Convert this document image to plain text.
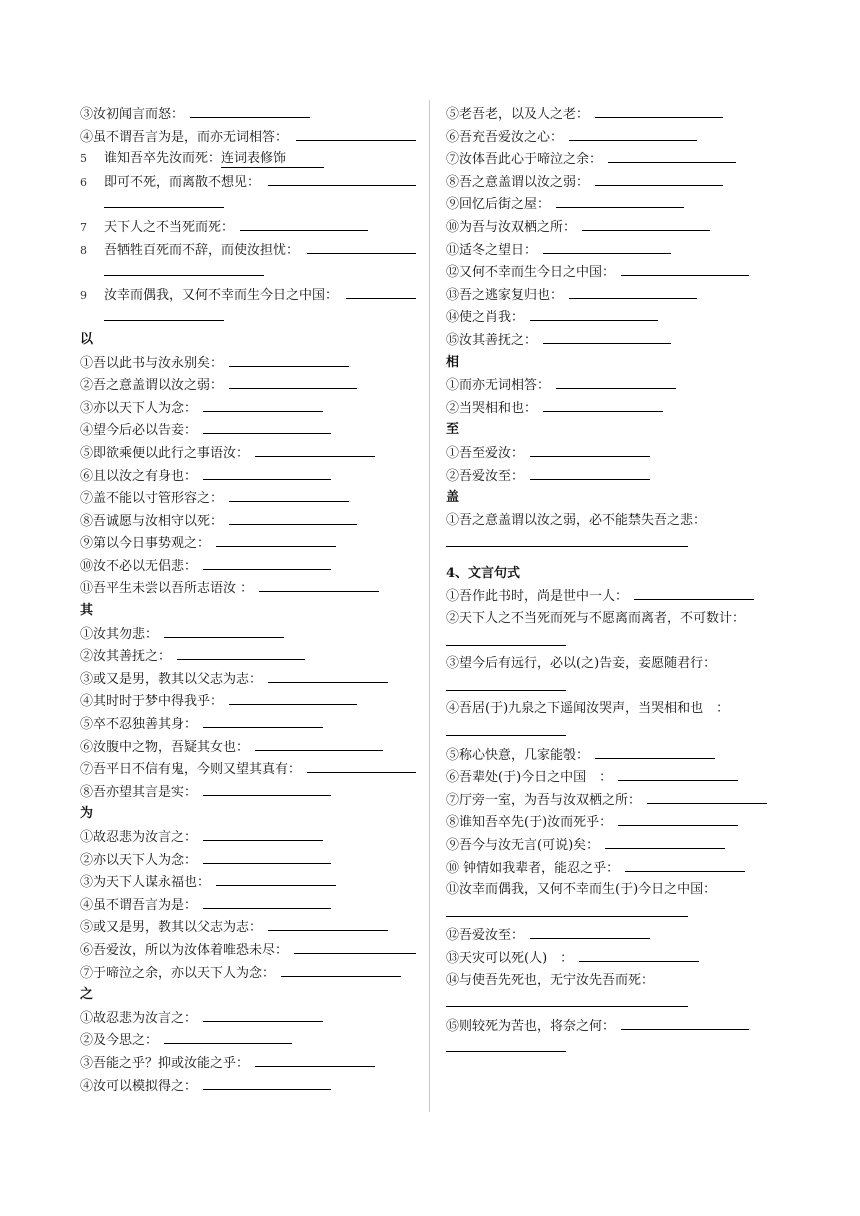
③汝初闻言而怒：
④虽不谓吾言为是，而亦无词相答：
5	谁知吾卒先汝而死： 连词表修饰
6	即可不死，而离散不想见：
7	天下人之不当死而死：
8	吾牺牲百死而不辞，而使汝担忧：
9	汝幸而偶我，又何不幸而生今日之中国：
以
①吾以此书与汝永别矣：
②吾之意盖谓以汝之弱：
③亦以天下人为念：
④望今后必以告妾：
⑤即欲乘便以此行之事语汝：
⑥且以汝之有身也：
⑦盖不能以寸管形容之：
⑧吾诚愿与汝相守以死：
⑨第以今日事势观之：
⑩汝不必以无侣悲：
⑪吾平生未尝以吾所志语汝 ：
其
①汝其勿悲：
②汝其善抚之：
③或又是男，教其以父志为志：
④其时时于梦中得我乎：
⑤卒不忍独善其身：
⑥汝腹中之物，吾疑其女也：
⑦吾平日不信有鬼，今则又望其真有：
⑧吾亦望其言是实：
为
①故忍悲为汝言之：
②亦以天下人为念：
③为天下人谋永福也：
④虽不谓吾言为是：
⑤或又是男，教其以父志为志：
⑥吾爱汝，所以为汝体着唯恐未尽：
⑦于啼泣之余，亦以天下人为念：
之
①故忍悲为汝言之：
②及今思之：
③吾能之乎？抑或汝能之乎：
④汝可以模拟得之：
⑤老吾老，以及人之老：
⑥吾充吾爱汝之心：
⑦汝体吾此心于啼泣之余：
⑧吾之意盖谓以汝之弱：
⑨回忆后街之屋：
⑩为吾与汝双栖之所：
⑪适冬之望日：
⑫又何不幸而生今日之中国：
⑬吾之逃家复归也：
⑭使之肖我：
⑮汝其善抚之：
相
①而亦无词相答：
②当哭相和也：
至
①吾至爱汝：
②吾爱汝至：
盖
①吾之意盖谓以汝之弱，必不能禁失吾之悲：
4、文言句式
①吾作此书时，尚是世中一人：
②天下人之不当死而死与不愿离而离者，不可数计：
③望今后有远行，必以(之)告妾，妾愿随君行：
④吾居(于)九泉之下遥闻汝哭声，当哭相和也　：
⑤称心快意，几家能彀：
⑥吾辈处(于)今日之中国　：
⑦厅旁一室，为吾与汝双栖之所：
⑧谁知吾卒先(于)汝而死乎：
⑨吾今与汝无言(可说)矣：
⑩ 钟情如我辈者，能忍之乎：
⑪汝幸而偶我，又何不幸而生(于)今日之中国：
⑫吾爱汝至：
⑬天灾可以死(人)　：
⑭与使吾先死也，无宁汝先吾而死：
⑮则较死为苦也，将奈之何：
